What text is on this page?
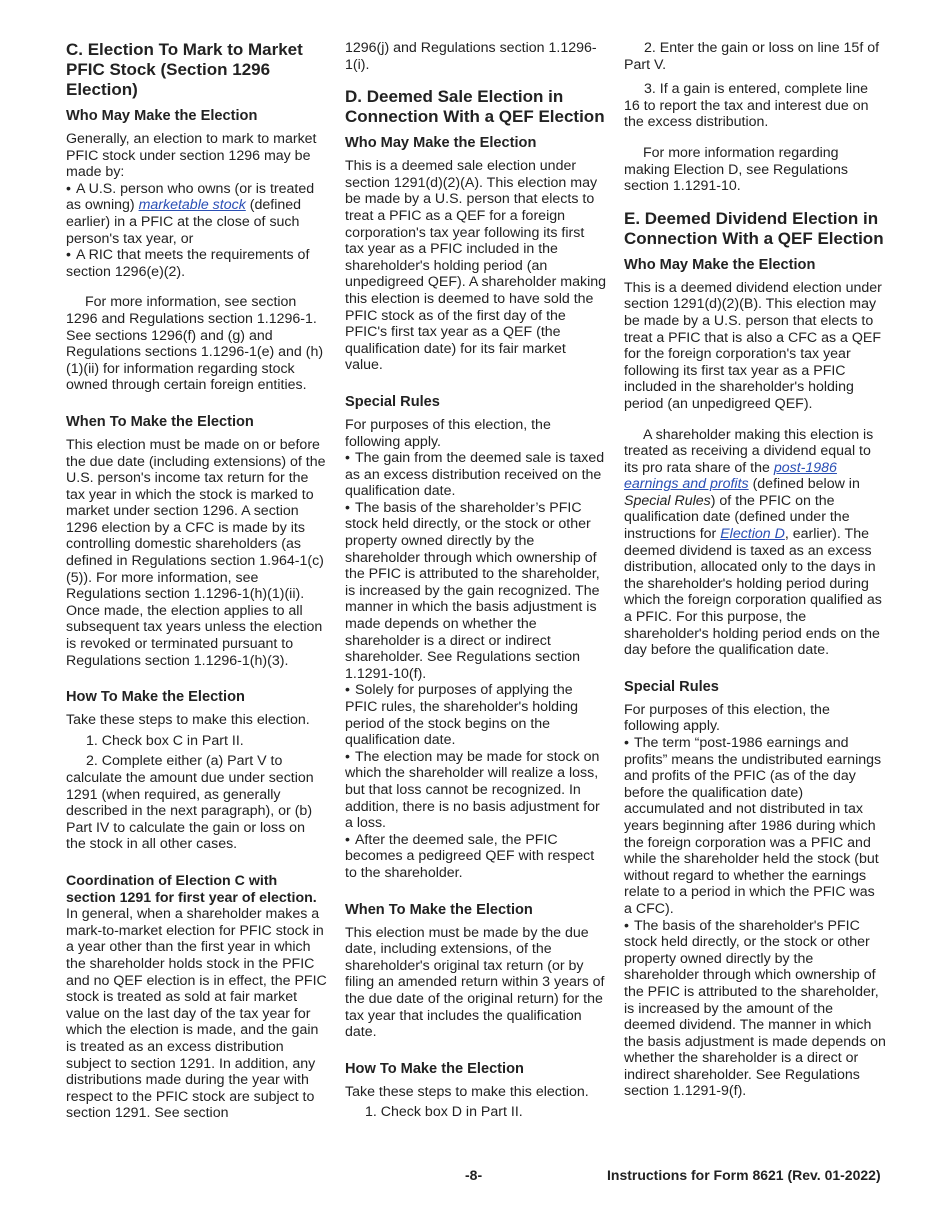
C. Election To Mark to Market PFIC Stock (Section 1296 Election)
Who May Make the Election

Generally, an election to mark to market PFIC stock under section 1296 may be made by:

• A U.S. person who owns (or is treated as owning) marketable stock (defined earlier) in a PFIC at the close of such person's tax year, or

• A RIC that meets the requirements of section 1296(e)(2).

For more information, see section 1296 and Regulations section 1.1296-1. See sections 1296(f) and (g) and Regulations sections 1.1296-1(e) and (h)(1)(ii) for information regarding stock owned through certain foreign entities.

When To Make the Election

This election must be made on or before the due date (including extensions) of the U.S. person's income tax return for the tax year in which the stock is marked to market under section 1296. A section 1296 election by a CFC is made by its controlling domestic shareholders (as defined in Regulations section 1.964-1(c)(5)). For more information, see Regulations section 1.1296-1(h)(1)(ii). Once made, the election applies to all subsequent tax years unless the election is revoked or terminated pursuant to Regulations section 1.1296-1(h)(3).

How To Make the Election

Take these steps to make this election.

1. Check box C in Part II.

2. Complete either (a) Part V to calculate the amount due under section 1291 (when required, as generally described in the next paragraph), or (b) Part IV to calculate the gain or loss on the stock in all other cases.

Coordination of Election C with section 1291 for first year of election. In general, when a shareholder makes a mark-to-market election for PFIC stock in a year other than the first year in which the shareholder holds stock in the PFIC and no QEF election is in effect, the PFIC stock is treated as sold at fair market value on the last day of the tax year for which the election is made, and the gain is treated as an excess distribution subject to section 1291. In addition, any distributions made during the year with respect to the PFIC stock are subject to section 1291. See section

1296(j) and Regulations section 1.1296-1(i).

D. Deemed Sale Election in Connection With a QEF Election
Who May Make the Election

This is a deemed sale election under section 1291(d)(2)(A). This election may be made by a U.S. person that elects to treat a PFIC as a QEF for a foreign corporation's tax year following its first tax year as a PFIC included in the shareholder's holding period (an unpedigreed QEF). A shareholder making this election is deemed to have sold the PFIC stock as of the first day of the PFIC's first tax year as a QEF (the qualification date) for its fair market value.

Special Rules

For purposes of this election, the following apply.

• The gain from the deemed sale is taxed as an excess distribution received on the qualification date.

• The basis of the shareholder’s PFIC stock held directly, or the stock or other property owned directly by the shareholder through which ownership of the PFIC is attributed to the shareholder, is increased by the gain recognized. The manner in which the basis adjustment is made depends on whether the shareholder is a direct or indirect shareholder. See Regulations section 1.1291-10(f).

• Solely for purposes of applying the PFIC rules, the shareholder's holding period of the stock begins on the qualification date.

• The election may be made for stock on which the shareholder will realize a loss, but that loss cannot be recognized. In addition, there is no basis adjustment for a loss.

• After the deemed sale, the PFIC becomes a pedigreed QEF with respect to the shareholder.

When To Make the Election

This election must be made by the due date, including extensions, of the shareholder's original tax return (or by filing an amended return within 3 years of the due date of the original return) for the tax year that includes the qualification date.

How To Make the Election

Take these steps to make this election.

1. Check box D in Part II.

2. Enter the gain or loss on line 15f of Part V.

3. If a gain is entered, complete line 16 to report the tax and interest due on the excess distribution.

For more information regarding making Election D, see Regulations section 1.1291-10.

E. Deemed Dividend Election in Connection With a QEF Election
Who May Make the Election

This is a deemed dividend election under section 1291(d)(2)(B). This election may be made by a U.S. person that elects to treat a PFIC that is also a CFC as a QEF for the foreign corporation's tax year following its first tax year as a PFIC included in the shareholder's holding period (an unpedigreed QEF).

A shareholder making this election is treated as receiving a dividend equal to its pro rata share of the post-1986 earnings and profits (defined below in Special Rules) of the PFIC on the qualification date (defined under the instructions for Election D, earlier). The deemed dividend is taxed as an excess distribution, allocated only to the days in the shareholder's holding period during which the foreign corporation qualified as a PFIC. For this purpose, the shareholder's holding period ends on the day before the qualification date.

Special Rules

For purposes of this election, the following apply.

• The term “post-1986 earnings and profits” means the undistributed earnings and profits of the PFIC (as of the day before the qualification date) accumulated and not distributed in tax years beginning after 1986 during which the foreign corporation was a PFIC and while the shareholder held the stock (but without regard to whether the earnings relate to a period in which the PFIC was a CFC).

• The basis of the shareholder's PFIC stock held directly, or the stock or other property owned directly by the shareholder through which ownership of the PFIC is attributed to the shareholder, is increased by the amount of the deemed dividend. The manner in which the basis adjustment is made depends on whether the shareholder is a direct or indirect shareholder. See Regulations section 1.1291-9(f).

-8-	Instructions for Form 8621 (Rev. 01-2022)
